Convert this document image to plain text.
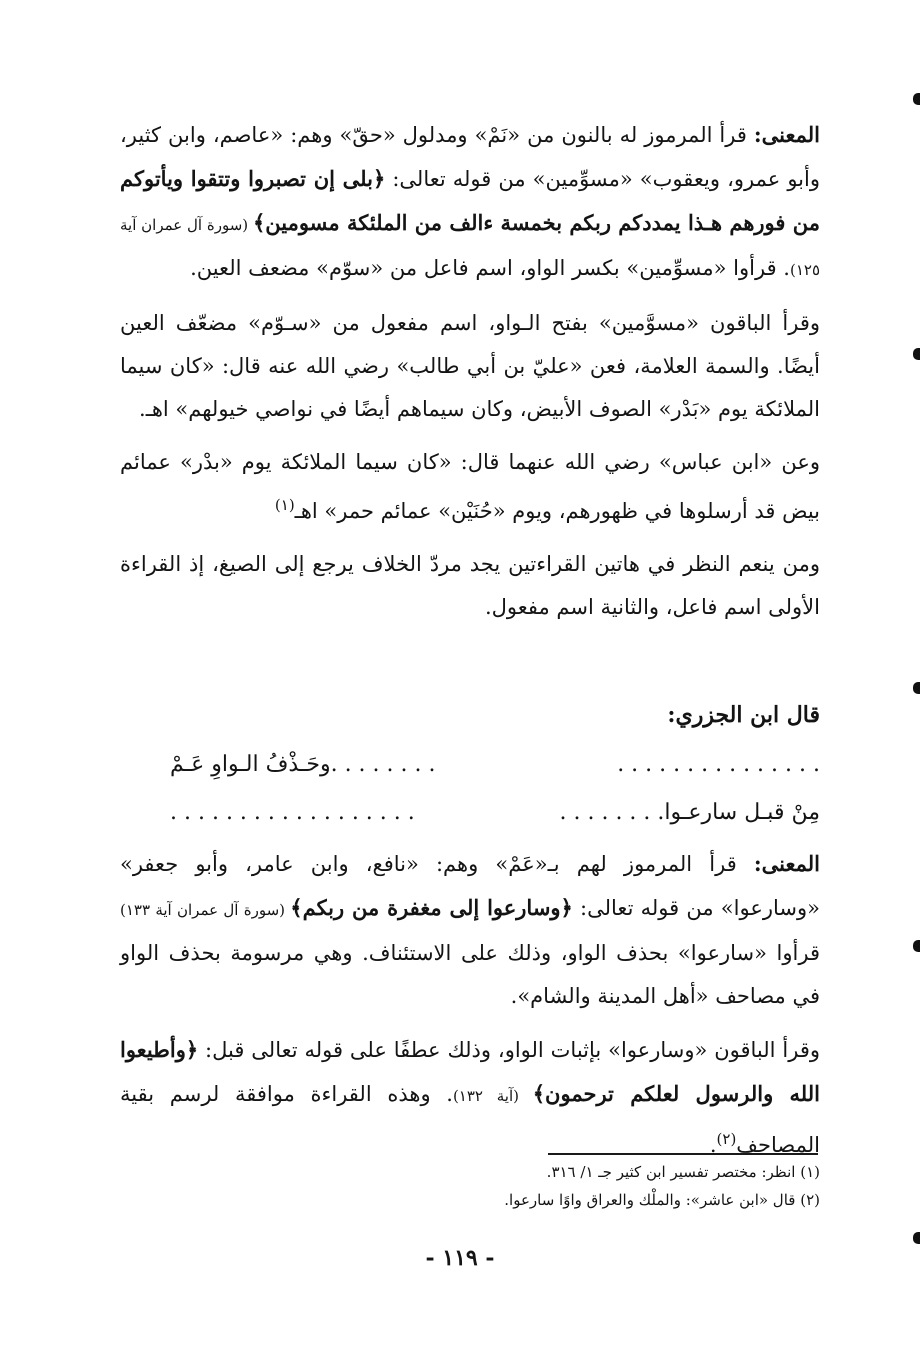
المعنى: قرأ المرموز له بالنون من «نَمْ» ومدلول «حقّ» وهم: «عاصم، وابن كثير، وأبو عمرو، ويعقوب» «مسوِّمين» من قوله تعالى: ﴿بلى إن تصبروا وتتقوا ويأتوكم من فورهم هـذا يمددكم ربكم بخمسة ءالف من الملئكة مسومين﴾ (سورة آل عمران آية ١٢٥). قرأوا «مسوِّمين» بكسر الواو، اسم فاعل من «سوّم» مضعف العين.

وقرأ الباقون «مسوَّمين» بفتح الـواو، اسم مفعول من «سـوّم» مضعّف العين أيضًا. والسمة العلامة، فعن «عليّ بن أبي طالب» رضي الله عنه قال: «كان سيما الملائكة يوم «بَدْر» الصوف الأبيض، وكان سيماهم أيضًا في نواصي خيولهم» اهـ.

وعن «ابن عباس» رضي الله عنهما قال: «كان سيما الملائكة يوم «بدْر» عمائم بيض قد أرسلوها في ظهورهم، ويوم «حُنَيْن» عمائم حمر» اهـ$^{(١)}$

ومن ينعم النظر في هاتين القراءتين يجد مردّ الخلاف يرجع إلى الصيغ، إذ القراءة الأولى اسم فاعل، والثانية اسم مفعول.

قال ابن الجزري:
. . . . . . . . . . . . . . .
. . . . . . . .وحَـذْفُ الـواوِ عَـمْ
مِنْ قبـل سارعـوا. . . . . . . .
. . . . . . . . . . . . . . . . . .

المعنى: قرأ المرموز لهم بـ«عَمْ» وهم: «نافع، وابن عامر، وأبو جعفر» «وسارعوا» من قوله تعالى: ﴿وسارعوا إلى مغفرة من ربكم﴾ (سورة آل عمران آية ١٣٣) قرأوا «سارعوا» بحذف الواو، وذلك على الاستئناف. وهي مرسومة بحذف الواو في مصاحف «أهل المدينة والشام».

وقرأ الباقون «وسارعوا» بإثبات الواو، وذلك عطفًا على قوله تعالى قبل: ﴿وأطيعوا الله والرسول لعلكم ترحمون﴾ (آية ١٣٢). وهذه القراءة موافقة لرسم بقية المصاحف$^{(٢)}$.

(١) انظر: مختصر تفسير ابن كثير جـ ١/ ٣١٦.
(٢) قال «ابن عاشر»: والملْك والعراق واوًا سارعوا.
- ١١٩ -
